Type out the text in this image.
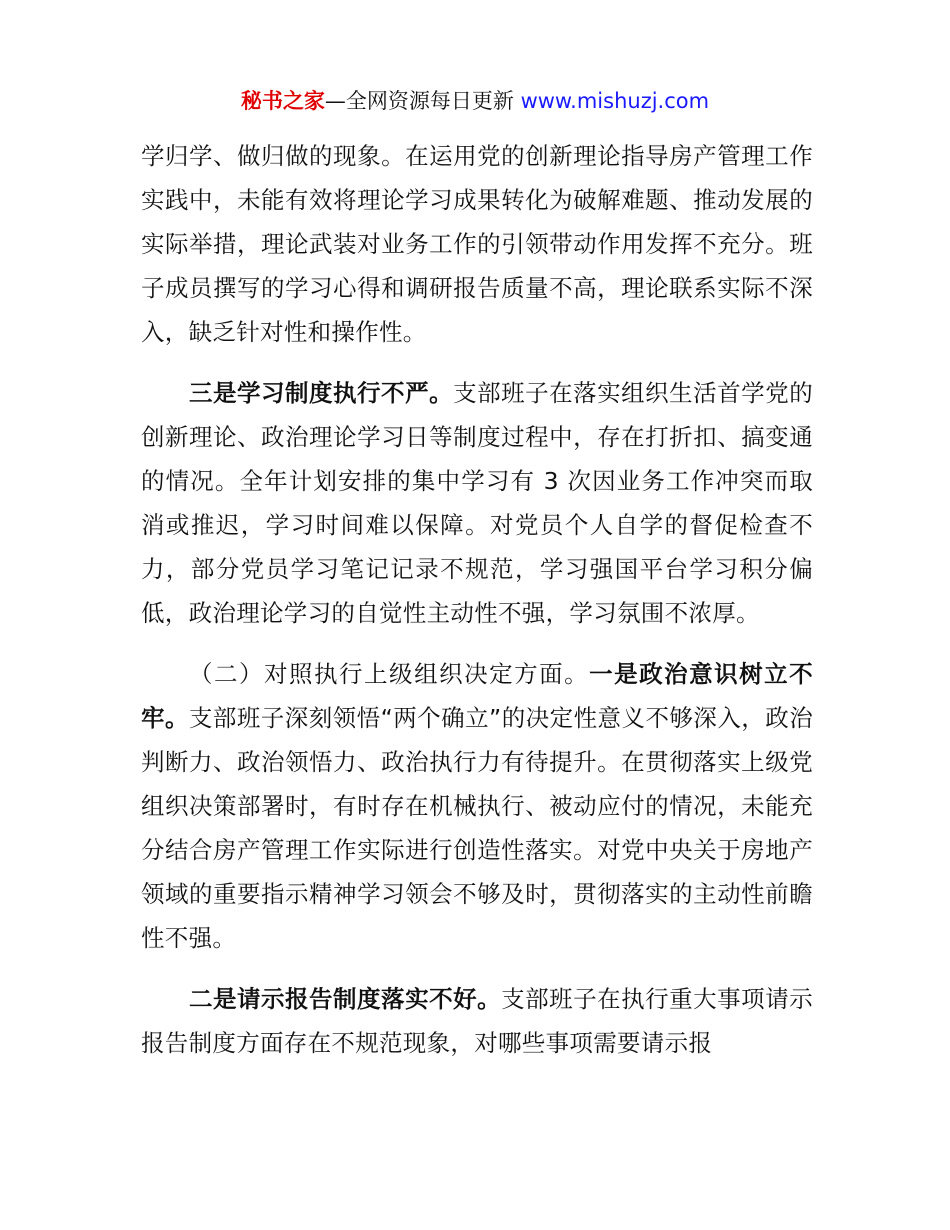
秘书之家—全网资源每日更新 www.mishuzj.com

学归学、做归做的现象。在运用党的创新理论指导房产管理工作实践中，未能有效将理论学习成果转化为破解难题、推动发展的实际举措，理论武装对业务工作的引领带动作用发挥不充分。班子成员撰写的学习心得和调研报告质量不高，理论联系实际不深入，缺乏针对性和操作性。

三是学习制度执行不严。支部班子在落实组织生活首学党的创新理论、政治理论学习日等制度过程中，存在打折扣、搞变通的情况。全年计划安排的集中学习有 3 次因业务工作冲突而取消或推迟，学习时间难以保障。对党员个人自学的督促检查不力，部分党员学习笔记记录不规范，学习强国平台学习积分偏低，政治理论学习的自觉性主动性不强，学习氛围不浓厚。

（二）对照执行上级组织决定方面。一是政治意识树立不牢。支部班子深刻领悟“两个确立”的决定性意义不够深入，政治判断力、政治领悟力、政治执行力有待提升。在贯彻落实上级党组织决策部署时，有时存在机械执行、被动应付的情况，未能充分结合房产管理工作实际进行创造性落实。对党中央关于房地产领域的重要指示精神学习领会不够及时，贯彻落实的主动性前瞻性不强。

二是请示报告制度落实不好。支部班子在执行重大事项请示报告制度方面存在不规范现象，对哪些事项需要请示报
